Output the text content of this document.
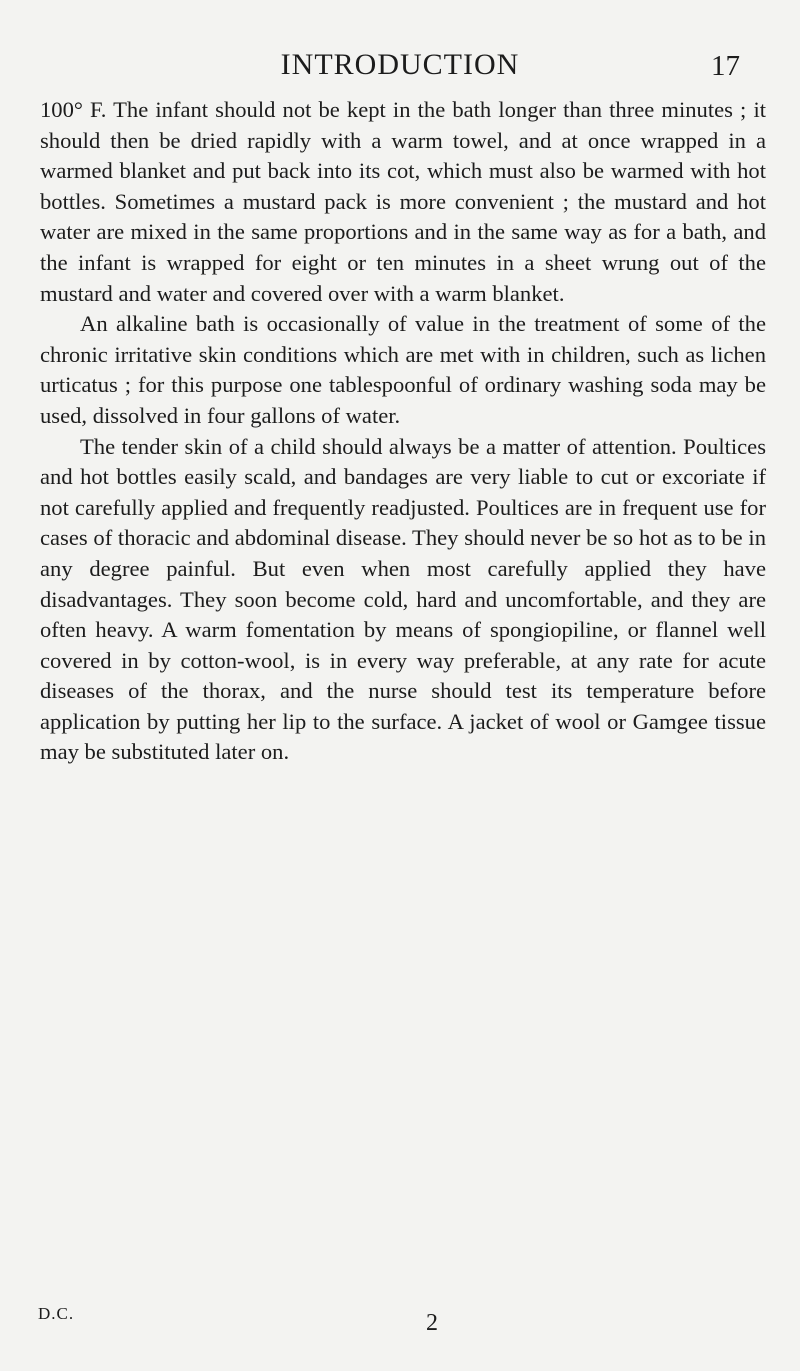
INTRODUCTION	17

100° F. The infant should not be kept in the bath longer than three minutes ; it should then be dried rapidly with a warm towel, and at once wrapped in a warmed blanket and put back into its cot, which must also be warmed with hot bottles. Sometimes a mustard pack is more convenient ; the mustard and hot water are mixed in the same proportions and in the same way as for a bath, and the infant is wrapped for eight or ten minutes in a sheet wrung out of the mustard and water and covered over with a warm blanket.

An alkaline bath is occasionally of value in the treatment of some of the chronic irritative skin conditions which are met with in children, such as lichen urticatus ; for this purpose one tablespoonful of ordinary washing soda may be used, dissolved in four gallons of water.

The tender skin of a child should always be a matter of attention. Poultices and hot bottles easily scald, and bandages are very liable to cut or excoriate if not carefully applied and frequently readjusted. Poultices are in frequent use for cases of thoracic and abdominal disease. They should never be so hot as to be in any degree painful. But even when most carefully applied they have disadvantages. They soon become cold, hard and uncomfortable, and they are often heavy. A warm fomentation by means of spongiopiline, or flannel well covered in by cotton-wool, is in every way preferable, at any rate for acute diseases of the thorax, and the nurse should test its temperature before application by putting her lip to the surface. A jacket of wool or Gamgee tissue may be substituted later on.

D.C.	2
